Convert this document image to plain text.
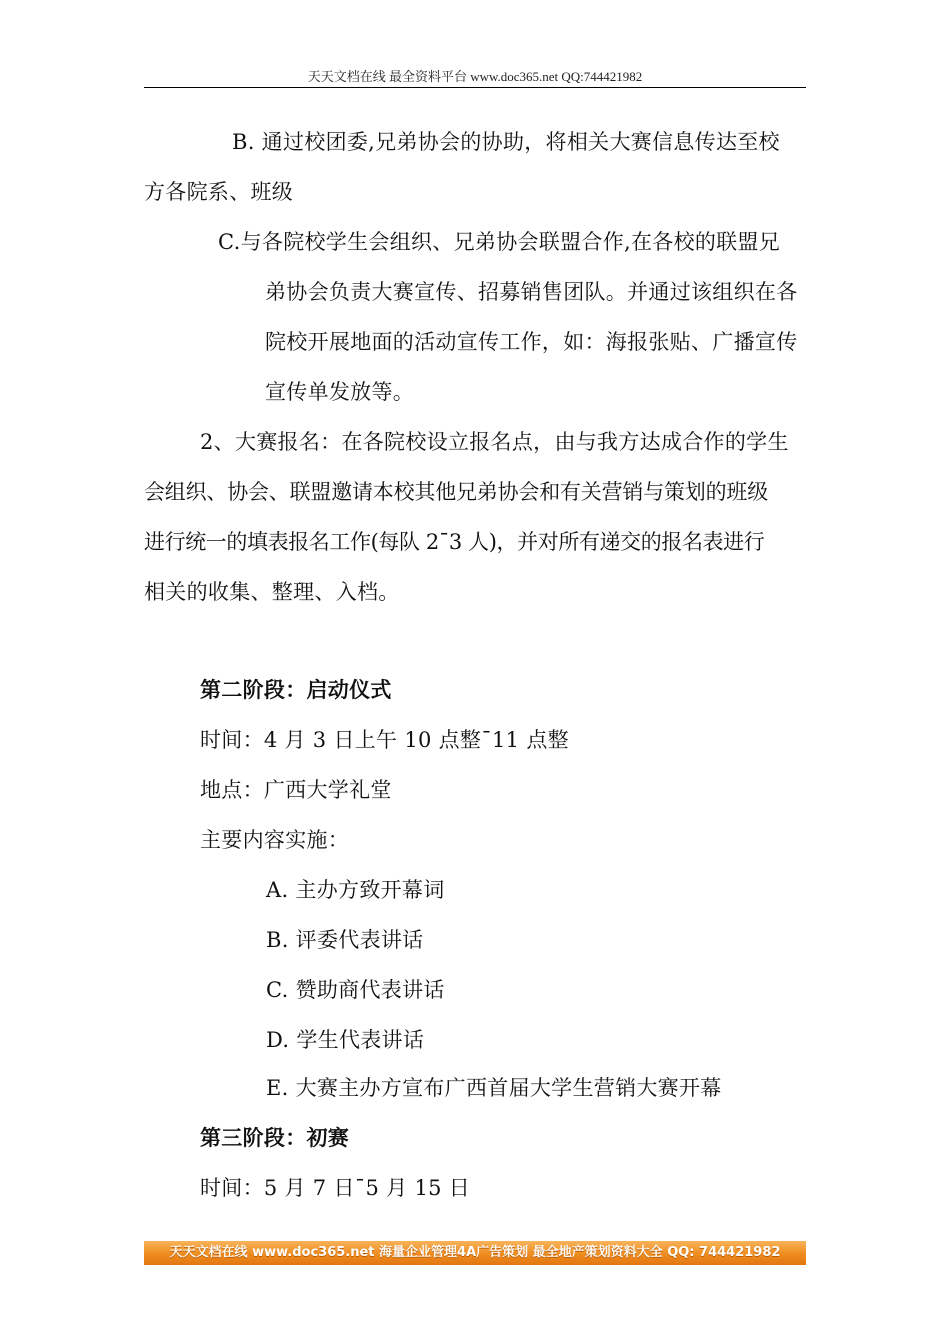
天天文档在线 最全资料平台 www.doc365.net QQ:744421982
B. 通过校团委,兄弟协会的协助，将相关大赛信息传达至校
方各院系、班级
C.与各院校学生会组织、兄弟协会联盟合作,在各校的联盟兄
弟协会负责大赛宣传、招募销售团队。并通过该组织在各
院校开展地面的活动宣传工作，如：海报张贴、广播宣传
宣传单发放等。
2、大赛报名：在各院校设立报名点，由与我方达成合作的学生
会组织、协会、联盟邀请本校其他兄弟协会和有关营销与策划的班级
进行统一的填表报名工作(每队 2¯3 人)，并对所有递交的报名表进行
相关的收集、整理、入档。
第二阶段：启动仪式
时间：4 月 3 日上午 10 点整¯11 点整
地点：广西大学礼堂
主要内容实施：
A. 主办方致开幕词
B. 评委代表讲话
C. 赞助商代表讲话
D. 学生代表讲话
E. 大赛主办方宣布广西首届大学生营销大赛开幕
第三阶段：初赛
时间：5 月 7 日¯5 月 15 日
天天文档在线 www.doc365.net 海量企业管理4A广告策划 最全地产策划资料大全 QQ: 744421982
